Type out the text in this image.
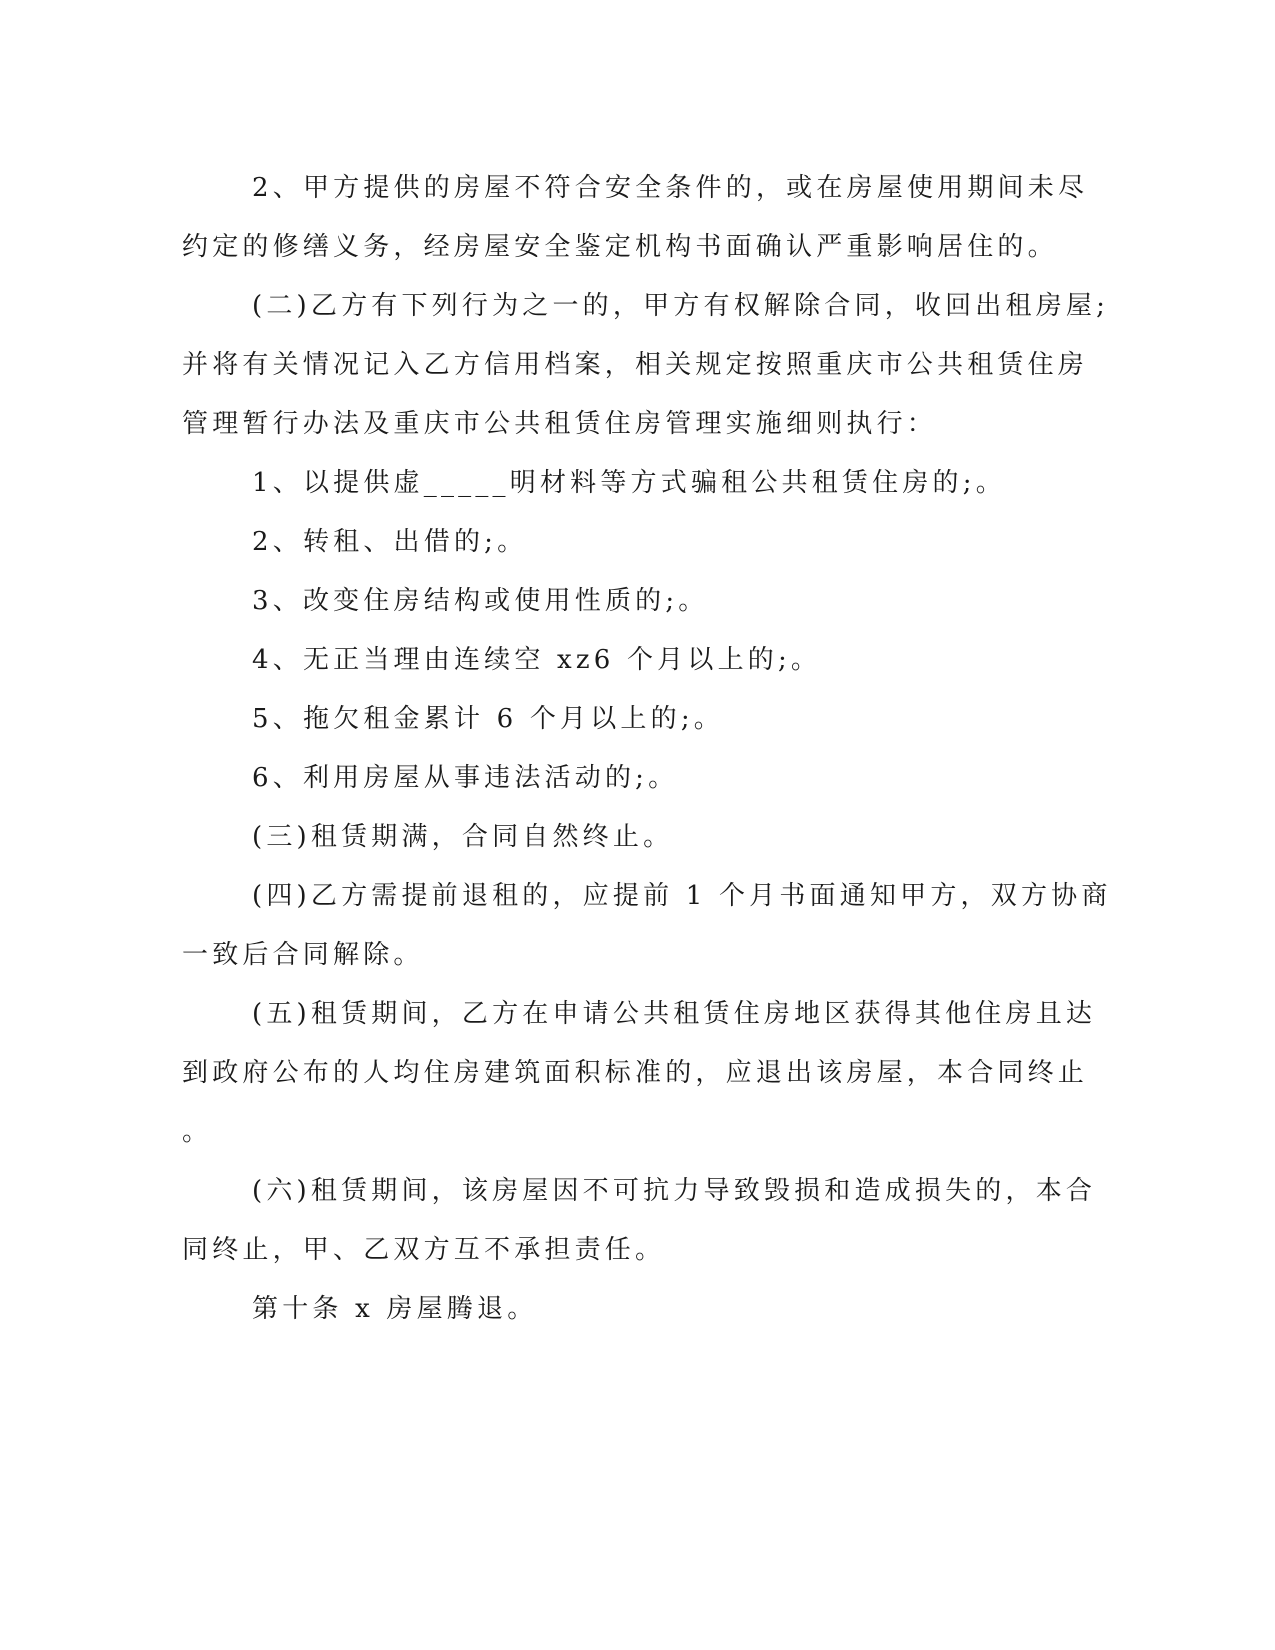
2、甲方提供的房屋不符合安全条件的，或在房屋使用期间未尽
约定的修缮义务，经房屋安全鉴定机构书面确认严重影响居住的。

(二)乙方有下列行为之一的，甲方有权解除合同，收回出租房屋;
并将有关情况记入乙方信用档案，相关规定按照重庆市公共租赁住房
管理暂行办法及重庆市公共租赁住房管理实施细则执行：

1、以提供虚_____明材料等方式骗租公共租赁住房的;。

2、转租、出借的;。

3、改变住房结构或使用性质的;。

4、无正当理由连续空 xz6 个月以上的;。

5、拖欠租金累计 6 个月以上的;。

6、利用房屋从事违法活动的;。

(三)租赁期满，合同自然终止。

(四)乙方需提前退租的，应提前 1 个月书面通知甲方，双方协商
一致后合同解除。

(五)租赁期间，乙方在申请公共租赁住房地区获得其他住房且达
到政府公布的人均住房建筑面积标准的，应退出该房屋，本合同终止
。

(六)租赁期间，该房屋因不可抗力导致毁损和造成损失的，本合
同终止，甲、乙双方互不承担责任。

第十条 x 房屋腾退。
